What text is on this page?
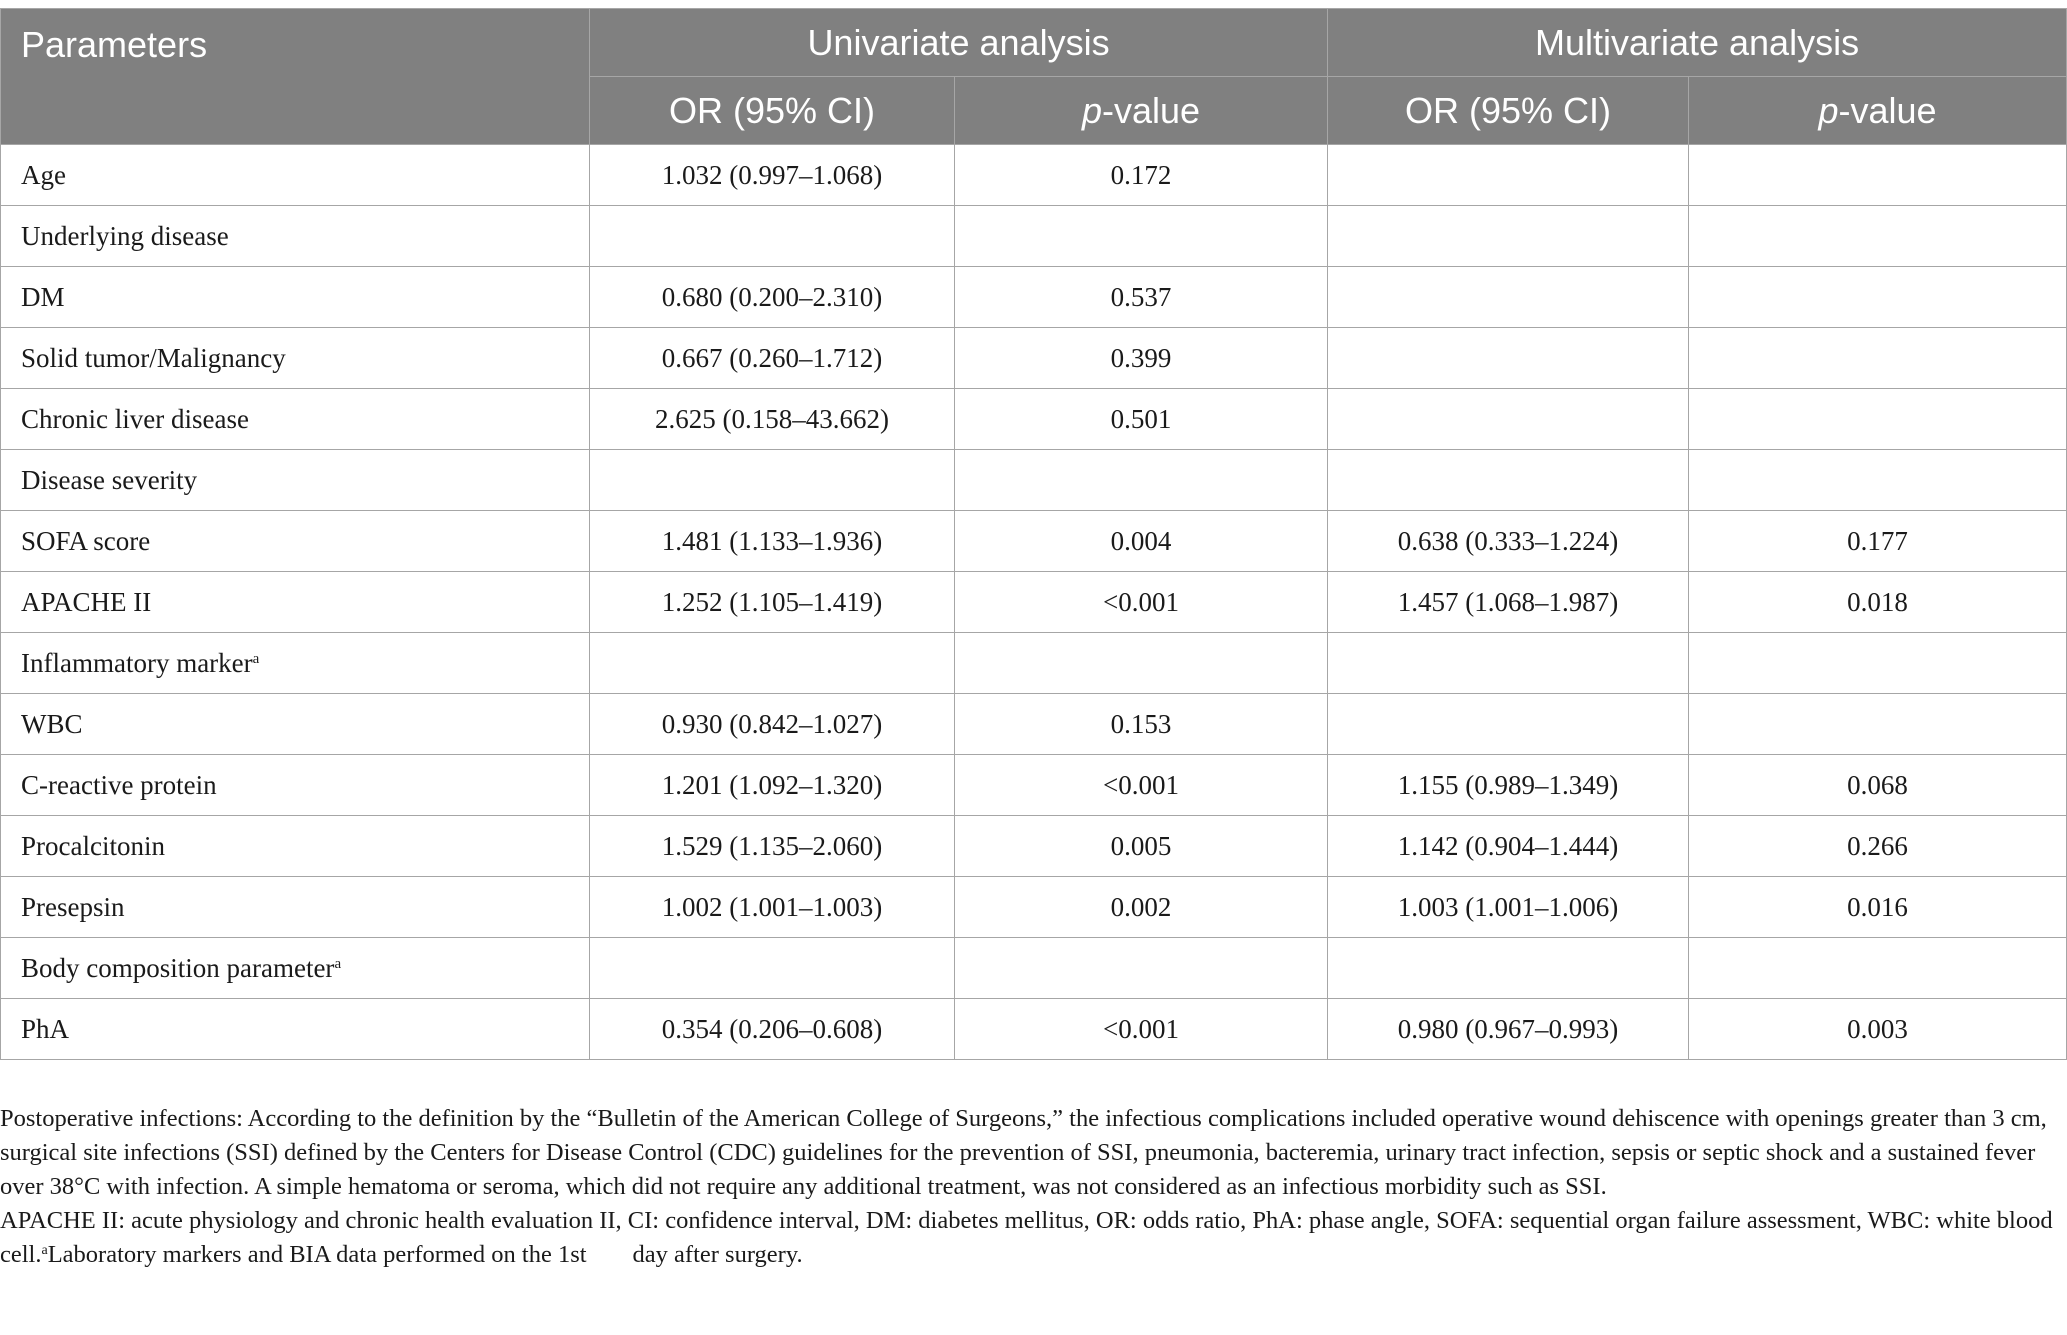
Parameters	Univariate analysis		Multivariate analysis	
	OR (95% CI)	p-value	OR (95% CI)	p-value
Age	1.032 (0.997–1.068)	0.172		
Underlying disease				
DM	0.680 (0.200–2.310)	0.537		
Solid tumor/Malignancy	0.667 (0.260–1.712)	0.399		
Chronic liver disease	2.625 (0.158–43.662)	0.501		
Disease severity				
SOFA score	1.481 (1.133–1.936)	0.004	0.638 (0.333–1.224)	0.177
APACHE II	1.252 (1.105–1.419)	<0.001	1.457 (1.068–1.987)	0.018
Inflammatory marker$^a$				
WBC	0.930 (0.842–1.027)	0.153		
C-reactive protein	1.201 (1.092–1.320)	<0.001	1.155 (0.989–1.349)	0.068
Procalcitonin	1.529 (1.135–2.060)	0.005	1.142 (0.904–1.444)	0.266
Presepsin	1.002 (1.001–1.003)	0.002	1.003 (1.001–1.006)	0.016
Body composition parameter$^a$				
PhA	0.354 (0.206–0.608)	<0.001	0.980 (0.967–0.993)	0.003

Postoperative infections: According to the definition by the “Bulletin of the American College of Surgeons,” the infectious complications included operative wound dehiscence with openings greater than 3 cm, surgical site infections (SSI) defined by the Centers for Disease Control (CDC) guidelines for the prevention of SSI, pneumonia, bacteremia, urinary tract infection, sepsis or septic shock and a sustained fever over 38°C with infection. A simple hematoma or seroma, which did not require any additional treatment, was not considered as an infectious morbidity such as SSI.

APACHE II: acute physiology and chronic health evaluation II, CI: confidence interval, DM: diabetes mellitus, OR: odds ratio, PhA: phase angle, SOFA: sequential organ failure assessment, WBC: white blood cell.$^a$Laboratory markers and BIA data performed on the 1st day after surgery.
